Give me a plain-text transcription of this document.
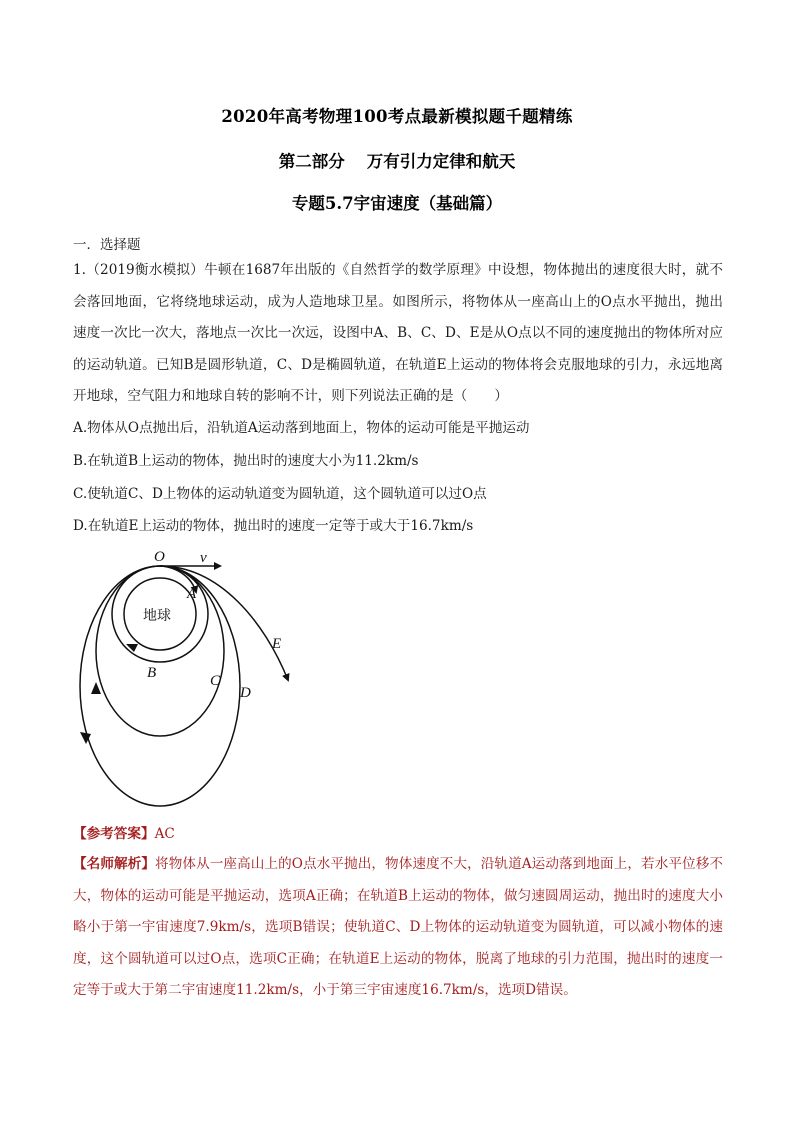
2020年高考物理100考点最新模拟题千题精练
第二部分 万有引力定律和航天
专题5.7宇宙速度（基础篇）
一．选择题
1.（2019衡水模拟）牛顿在1687年出版的《自然哲学的数学原理》中设想，物体抛出的速度很大时，就不会落回地面，它将绕地球运动，成为人造地球卫星。如图所示，将物体从一座高山上的O点水平抛出，抛出速度一次比一次大，落地点一次比一次远，设图中A、B、C、D、E是从O点以不同的速度抛出的物体所对应的运动轨道。已知B是圆形轨道，C、D是椭圆轨道，在轨道E上运动的物体将会克服地球的引力，永远地离开地球，空气阻力和地球自转的影响不计，则下列说法正确的是（　　）
A.物体从O点抛出后，沿轨道A运动落到地面上，物体的运动可能是平抛运动
B.在轨道B上运动的物体，抛出时的速度大小为11.2km/s
C.使轨道C、D上物体的运动轨道变为圆轨道，这个圆轨道可以过O点
D.在轨道E上运动的物体，抛出时的速度一定等于或大于16.7km/s
O v
A
B	C
D
E
地球
【参考答案】AC
【名师解析】将物体从一座高山上的O点水平抛出，物体速度不大，沿轨道A运动落到地面上，若水平位移不大，物体的运动可能是平抛运动，选项A正确；在轨道B上运动的物体，做匀速圆周运动，抛出时的速度大小略小于第一宇宙速度7.9km/s，选项B错误；使轨道C、D上物体的运动轨道变为圆轨道，可以减小物体的速度，这个圆轨道可以过O点，选项C正确；在轨道E上运动的物体，脱离了地球的引力范围，抛出时的速度一定等于或大于第二宇宙速度11.2km/s，小于第三宇宙速度16.7km/s，选项D错误。
